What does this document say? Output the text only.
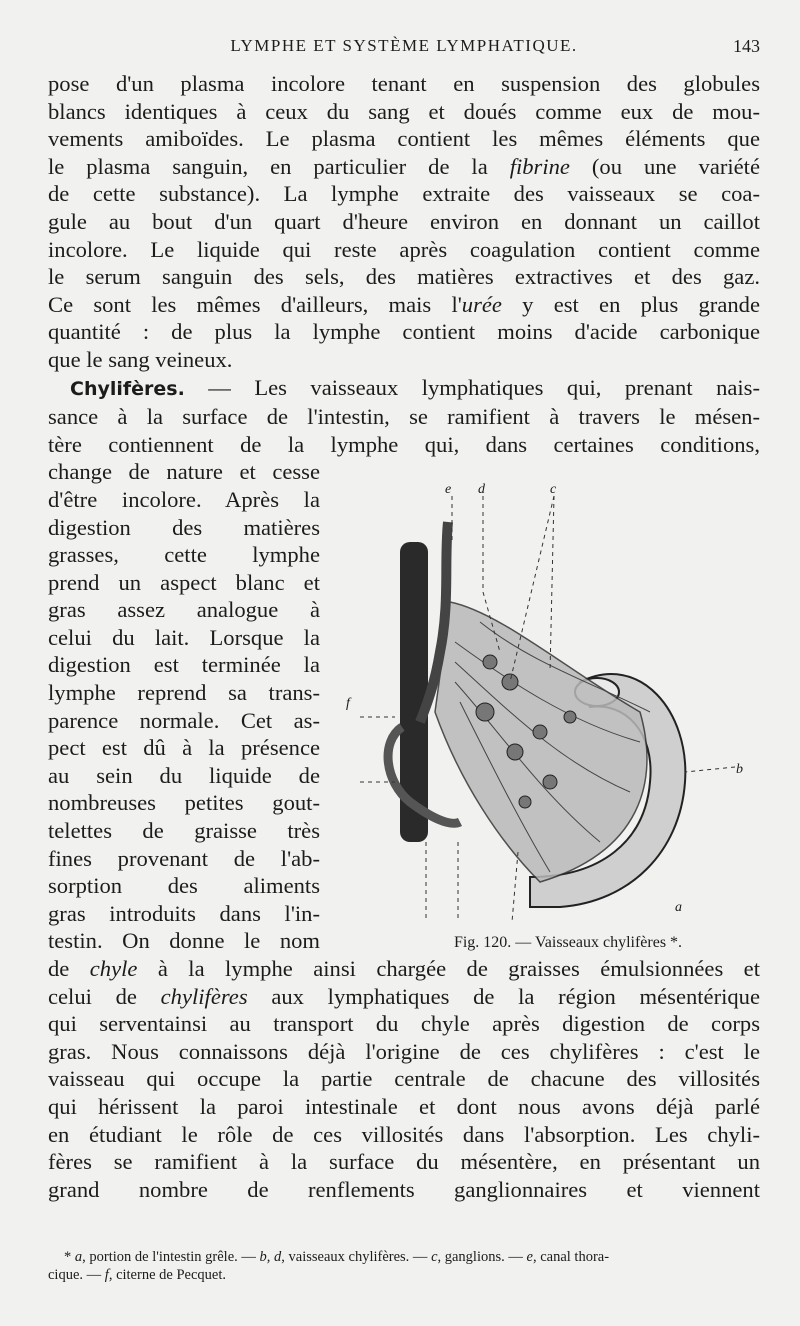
LYMPHE ET SYSTÈME LYMPHATIQUE.	143
pose d'un plasma incolore tenant en suspension des globules
blancs identiques à ceux du sang et doués comme eux de mou-
vements amiboïdes. Le plasma contient les mêmes éléments que
le plasma sanguin, en particulier de la fibrine (ou une variété
de cette substance). La lymphe extraite des vaisseaux se coa-
gule au bout d'un quart d'heure environ en donnant un caillot
incolore. Le liquide qui reste après coagulation contient comme
le serum sanguin des sels, des matières extractives et des gaz.
Ce sont les mêmes d'ailleurs, mais l'urée y est en plus grande
quantité : de plus la lymphe contient moins d'acide carbonique
que le sang veineux.
Chylifères. — Les vaisseaux lymphatiques qui, prenant nais-
sance à la surface de l'intestin, se ramifient à travers le mésen-
tère contiennent de la lymphe qui, dans certaines conditions,
change de nature et cesse
d'être incolore. Après la
digestion des matières
grasses, cette lymphe
prend un aspect blanc et
gras assez analogue à
celui du lait. Lorsque la
digestion est terminée la
lymphe reprend sa trans-
parence normale. Cet as-
pect est dû à la présence
au sein du liquide de
nombreuses petites gout-
telettes de graisse très
fines provenant de l'ab-
sorption des aliments
gras introduits dans l'in-
testin. On donne le nom
de chyle à la lymphe ainsi chargée de graisses émulsionnées et
celui de chylifères aux lymphatiques de la région mésentérique
qui serventainsi au transport du chyle après digestion de corps
gras. Nous connaissons déjà l'origine de ces chylifères : c'est le
vaisseau qui occupe la partie centrale de chacune des villosités
qui hérissent la paroi intestinale et dont nous avons déjà parlé
en étudiant le rôle de ces villosités dans l'absorption. Les chyli-
fères se ramifient à la surface du mésentère, en présentant un
grand nombre de renflements ganglionnaires et viennent
e d	c
f
b
a
Fig. 120. — Vaisseaux chylifères *.
* a, portion de l'intestin grêle. — b, d, vaisseaux chylifères. — c, ganglions. — e, canal thora-
cique. — f, citerne de Pecquet.
